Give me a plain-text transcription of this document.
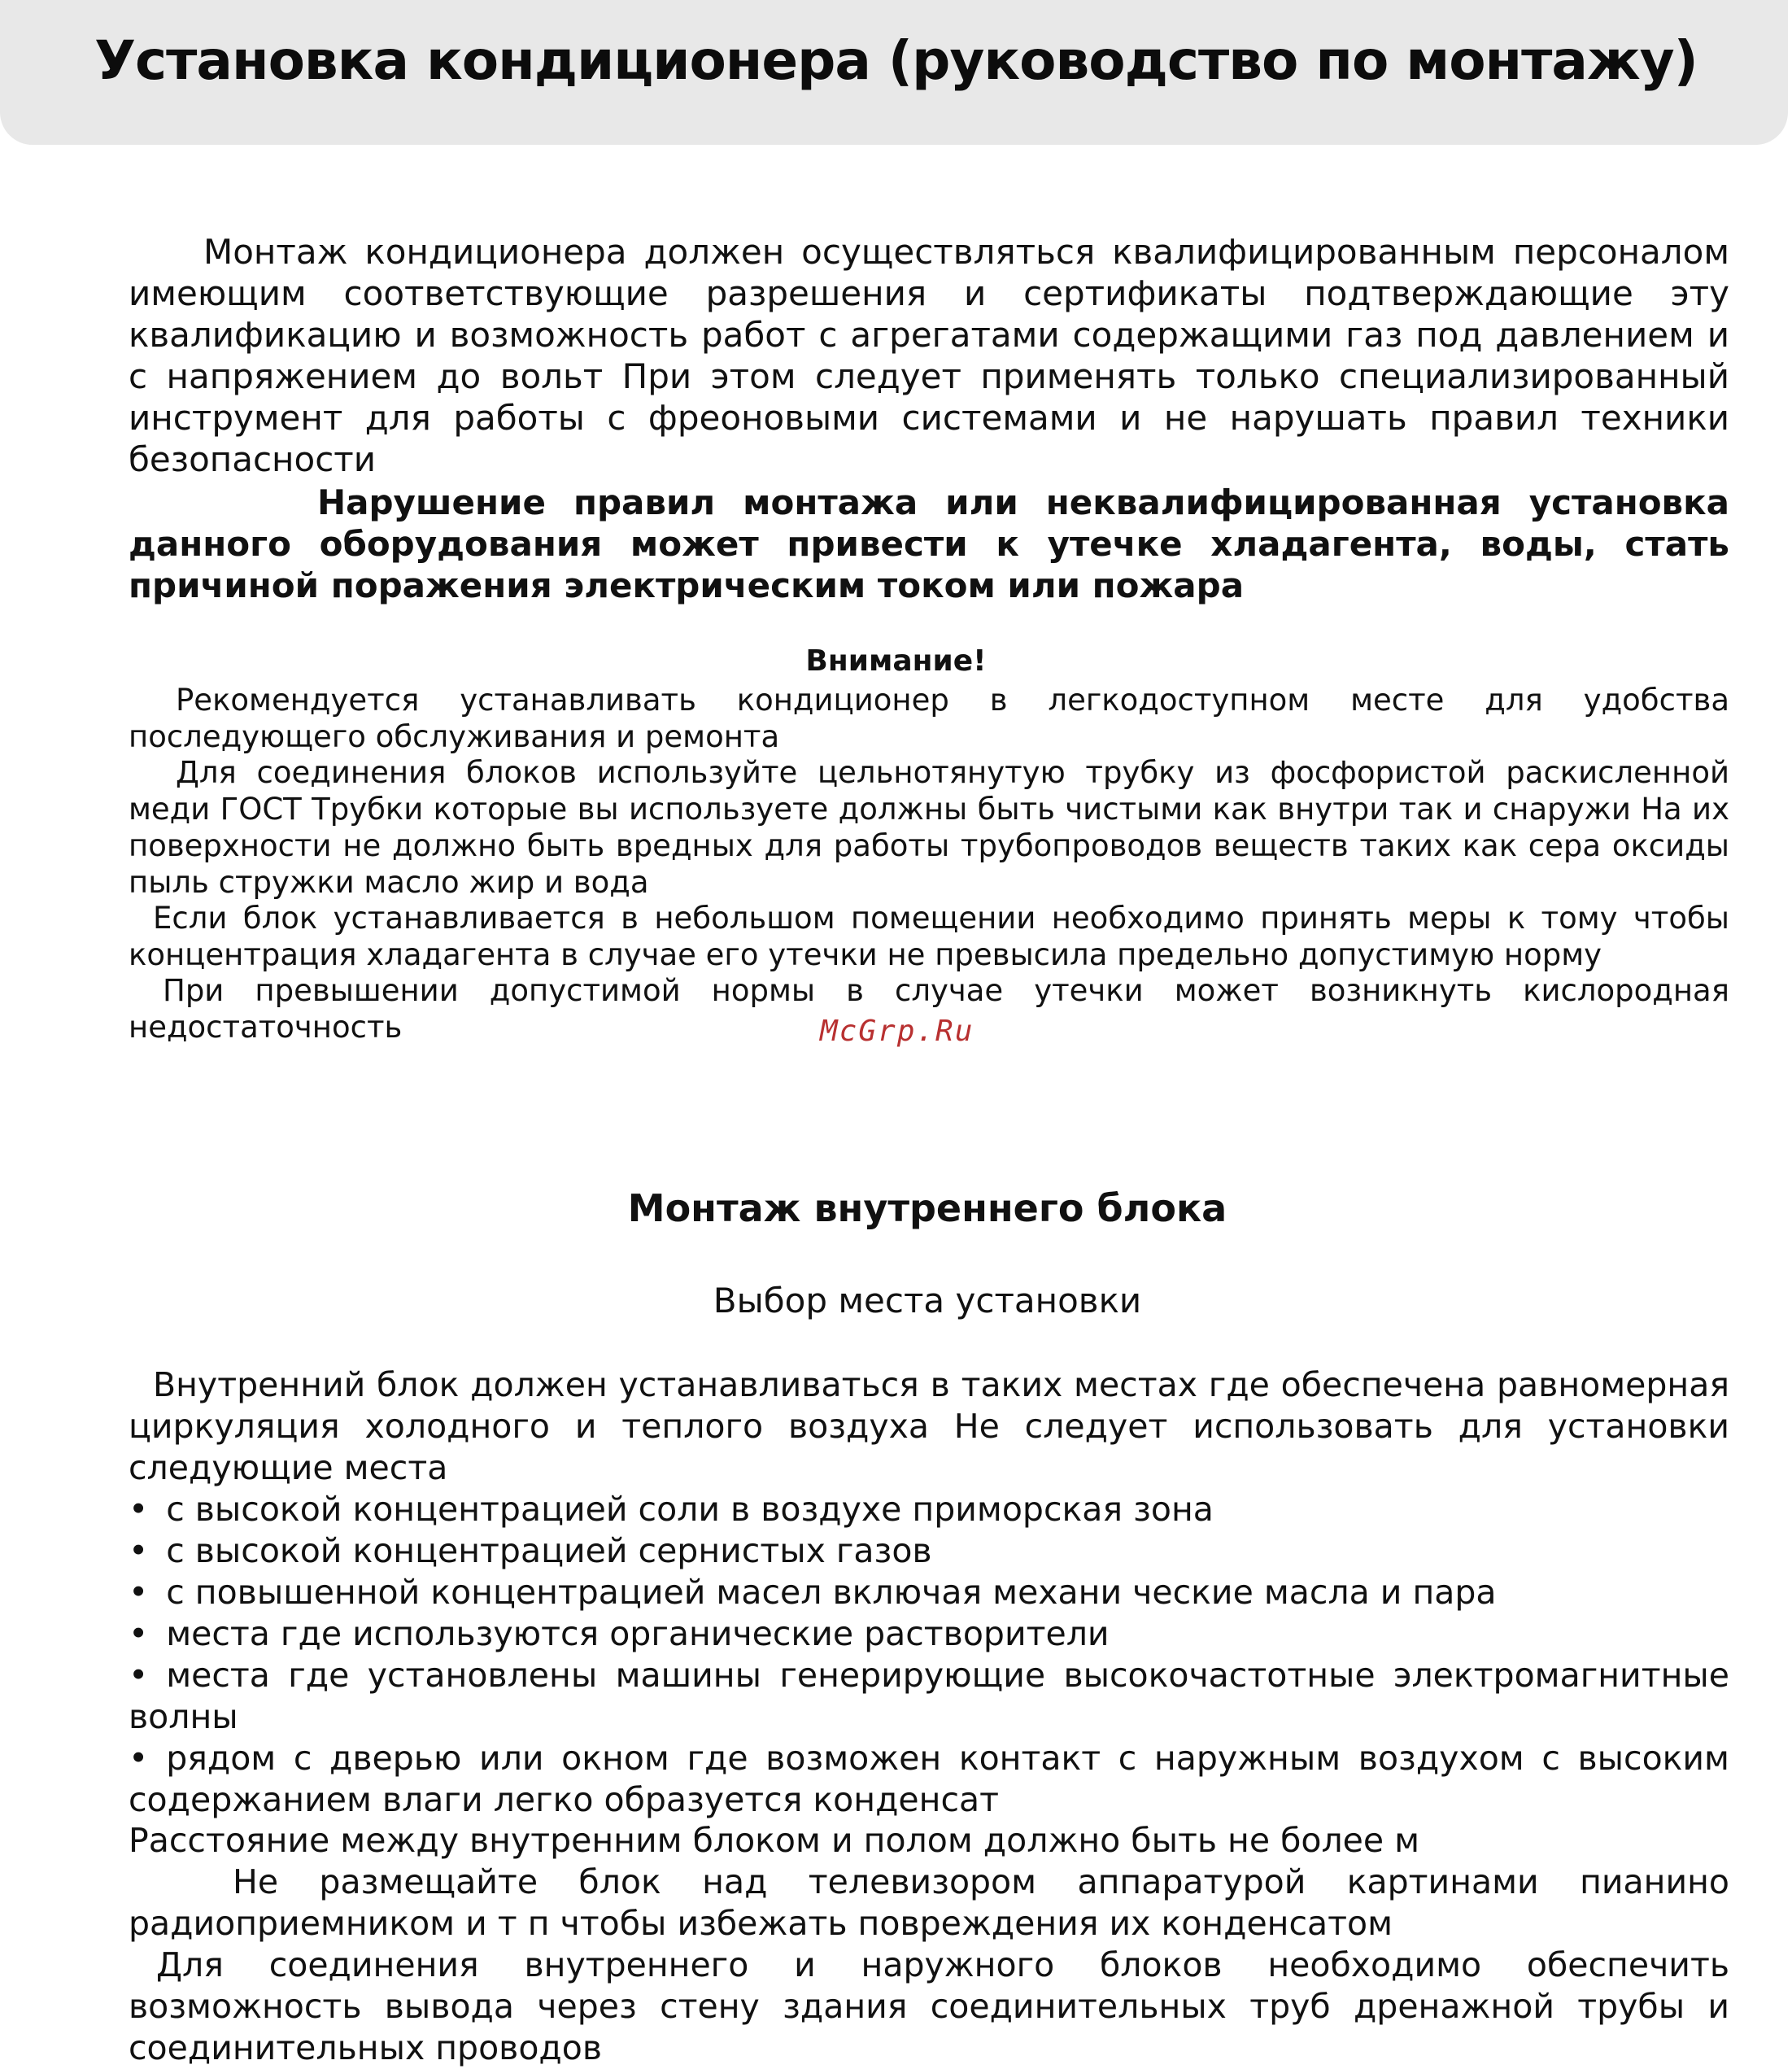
Установка кондиционера (руководство по монтажу)
Монтаж кондиционера должен осуществляться квалифицированным персоналом имеющим соответствующие разрешения и сертификаты подтверждающие эту квалификацию и возможность работ с агрегатами содержащими газ под давлением и с напряжением до вольт При этом следует применять только специализированный инструмент для работы с фреоновыми системами и не нарушать правил техники безопасности
Нарушение правил монтажа или неквалифицированная установка данного оборудования может привести к утечке хладагента, воды, стать причиной поражения электрическим током или пожара
Внимание!
Рекомендуется устанавливать кондиционер в легкодоступном месте для удобства последующего обслуживания и ремонта
Для соединения блоков используйте цельнотянутую трубку из фосфористой раскисленной меди ГОСТ Трубки которые вы используете должны быть чистыми как внутри так и снаружи На их поверхности не должно быть вредных для работы трубопроводов веществ таких как сера оксиды пыль стружки масло жир и вода
Если блок устанавливается в небольшом помещении необходимо принять меры к тому чтобы концентрация хладагента в случае его утечки не превысила предельно допустимую норму
При превышении допустимой нормы в случае утечки может возникнуть кислородная недостаточность	McGrp.Ru
Монтаж внутреннего блока
Выбор места установки
Внутренний блок должен устанавливаться в таких местах где обеспечена равномерная циркуляция холодного и теплого воздуха Не следует использовать для установки следующие места
• с высокой концентрацией соли в воздухе приморская зона
• с высокой концентрацией сернистых газов
• с повышенной концентрацией масел включая механи ческие масла и пара
• места где используются органические растворители
• места где установлены машины генерирующие высокочастотные электромагнитные волны
• рядом с дверью или окном где возможен контакт с наружным воздухом с высоким содержанием влаги легко образуется конденсат
Расстояние между внутренним блоком и полом должно быть не более м
Не размещайте блок над телевизором аппаратурой картинами пианино радиоприемником и т п чтобы избежать повреждения их конденсатом
Для соединения внутреннего и наружного блоков необходимо обеспечить возможность вывода через стену здания соединительных труб дренажной трубы и соединительных проводов
